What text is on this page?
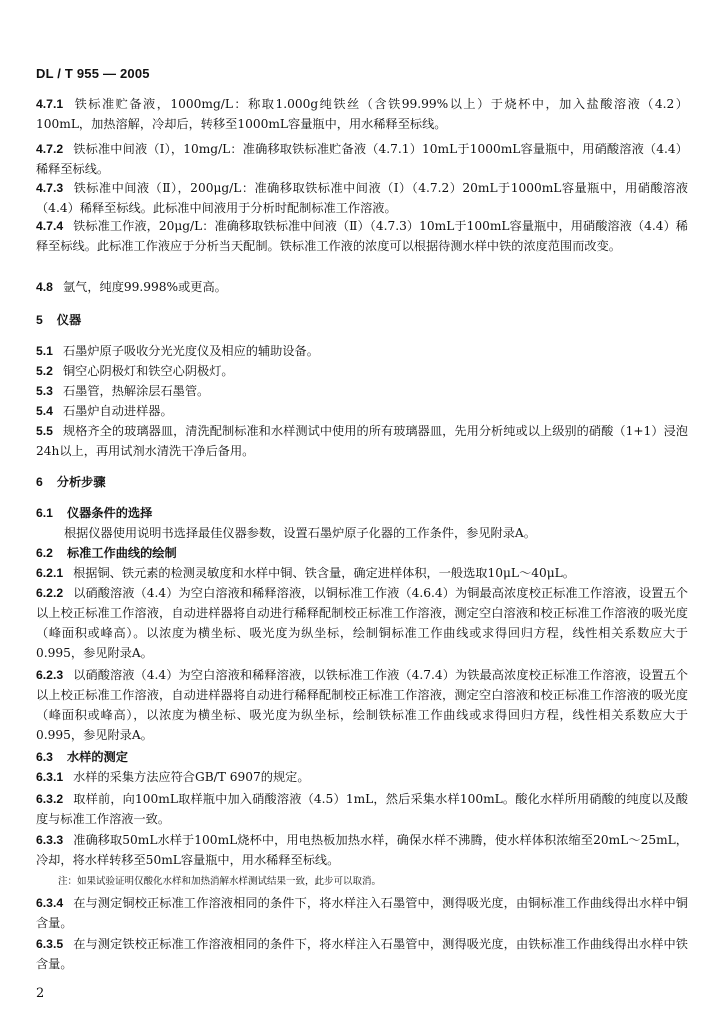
DL / T 955 — 2005
4.7.1 铁标准贮备液，1000mg/L：称取1.000g纯铁丝（含铁99.99%以上）于烧杯中，加入盐酸溶液（4.2）100mL，加热溶解，冷却后，转移至1000mL容量瓶中，用水稀释至标线。
4.7.2 铁标准中间液（Ⅰ），10mg/L：准确移取铁标准贮备液（4.7.1）10mL于1000mL容量瓶中，用硝酸溶液（4.4）稀释至标线。
4.7.3 铁标准中间液（Ⅱ），200μg/L：准确移取铁标准中间液（Ⅰ）（4.7.2）20mL于1000mL容量瓶中，用硝酸溶液（4.4）稀释至标线。此标准中间液用于分析时配制标准工作溶液。
4.7.4 铁标准工作液，20μg/L：准确移取铁标准中间液（Ⅱ）（4.7.3）10mL于100mL容量瓶中，用硝酸溶液（4.4）稀释至标线。此标准工作液应于分析当天配制。铁标准工作液的浓度可以根据待测水样中铁的浓度范围而改变。
4.8 氩气，纯度99.998%或更高。
5 仪器
5.1 石墨炉原子吸收分光光度仪及相应的辅助设备。
5.2 铜空心阴极灯和铁空心阴极灯。
5.3 石墨管，热解涂层石墨管。
5.4 石墨炉自动进样器。
5.5 规格齐全的玻璃器皿，清洗配制标准和水样测试中使用的所有玻璃器皿，先用分析纯或以上级别的硝酸（1+1）浸泡24h以上，再用试剂水清洗干净后备用。
6 分析步骤
6.1 仪器条件的选择
根据仪器使用说明书选择最佳仪器参数，设置石墨炉原子化器的工作条件，参见附录A。
6.2 标准工作曲线的绘制
6.2.1 根据铜、铁元素的检测灵敏度和水样中铜、铁含量，确定进样体积，一般选取10μL～40μL。
6.2.2 以硝酸溶液（4.4）为空白溶液和稀释溶液，以铜标准工作液（4.6.4）为铜最高浓度校正标准工作溶液，设置五个以上校正标准工作溶液，自动进样器将自动进行稀释配制校正标准工作溶液，测定空白溶液和校正标准工作溶液的吸光度（峰面积或峰高）。以浓度为横坐标、吸光度为纵坐标，绘制铜标准工作曲线或求得回归方程，线性相关系数应大于0.995，参见附录A。
6.2.3 以硝酸溶液（4.4）为空白溶液和稀释溶液，以铁标准工作液（4.7.4）为铁最高浓度校正标准工作溶液，设置五个以上校正标准工作溶液，自动进样器将自动进行稀释配制校正标准工作溶液，测定空白溶液和校正标准工作溶液的吸光度（峰面积或峰高），以浓度为横坐标、吸光度为纵坐标，绘制铁标准工作曲线或求得回归方程，线性相关系数应大于0.995，参见附录A。
6.3 水样的测定
6.3.1 水样的采集方法应符合GB/T 6907的规定。
6.3.2 取样前，向100mL取样瓶中加入硝酸溶液（4.5）1mL，然后采集水样100mL。酸化水样所用硝酸的纯度以及酸度与标准工作溶液一致。
6.3.3 准确移取50mL水样于100mL烧杯中，用电热板加热水样，确保水样不沸腾，使水样体积浓缩至20mL～25mL，冷却，将水样转移至50mL容量瓶中，用水稀释至标线。
注：如果试验证明仅酸化水样和加热消解水样测试结果一致，此步可以取消。
6.3.4 在与测定铜校正标准工作溶液相同的条件下，将水样注入石墨管中，测得吸光度，由铜标准工作曲线得出水样中铜含量。
6.3.5 在与测定铁校正标准工作溶液相同的条件下，将水样注入石墨管中，测得吸光度，由铁标准工作曲线得出水样中铁含量。
2
